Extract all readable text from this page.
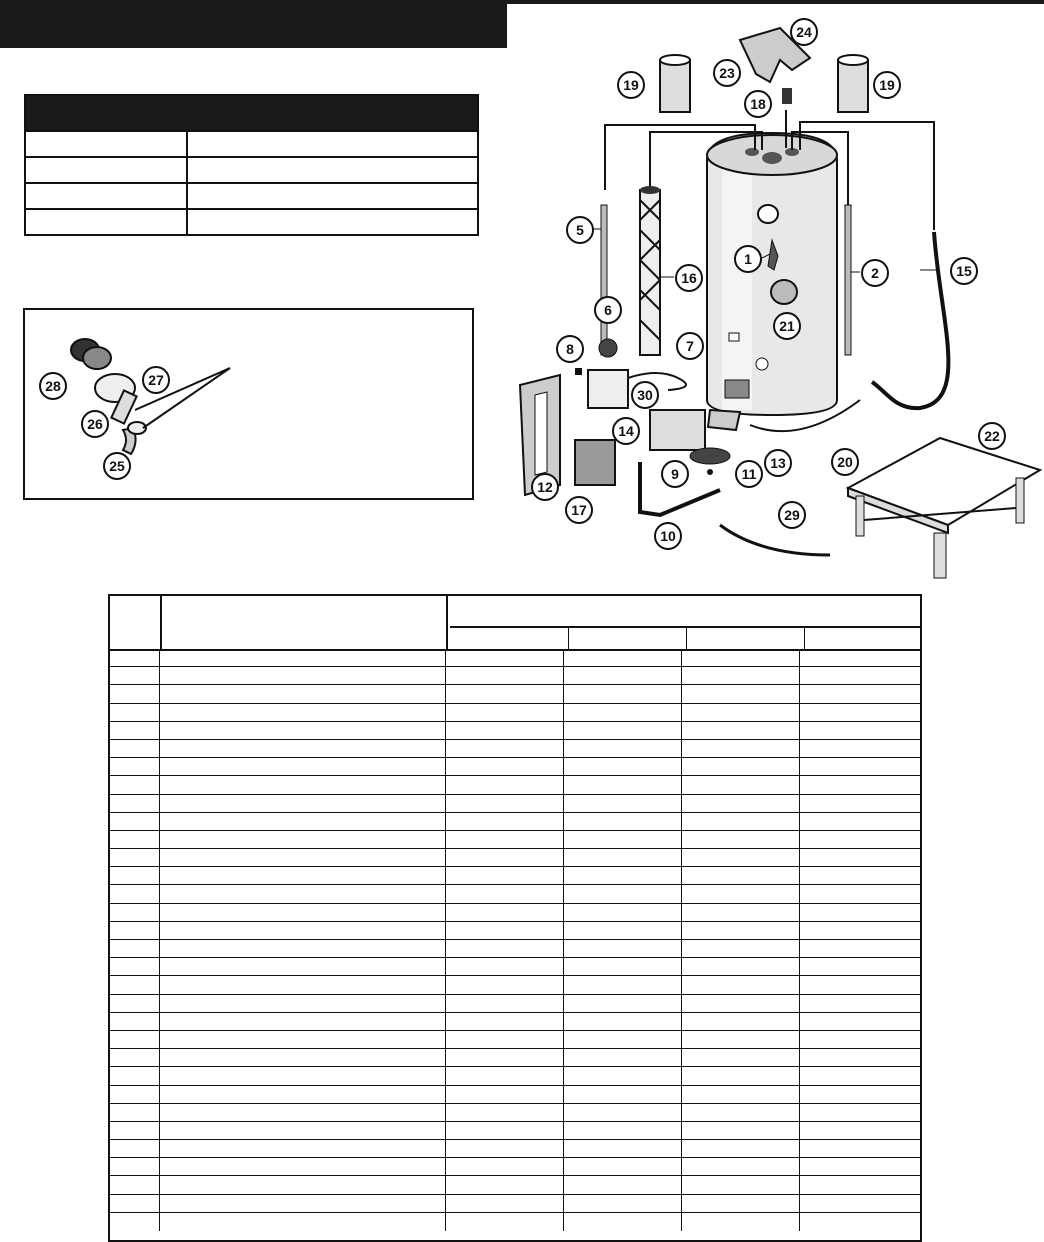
28	27
26
25
1
2
5
6
7
8
9
10
11
12
13
14
15
16
17
18
19	19
20
21
22
23
24
29
30
